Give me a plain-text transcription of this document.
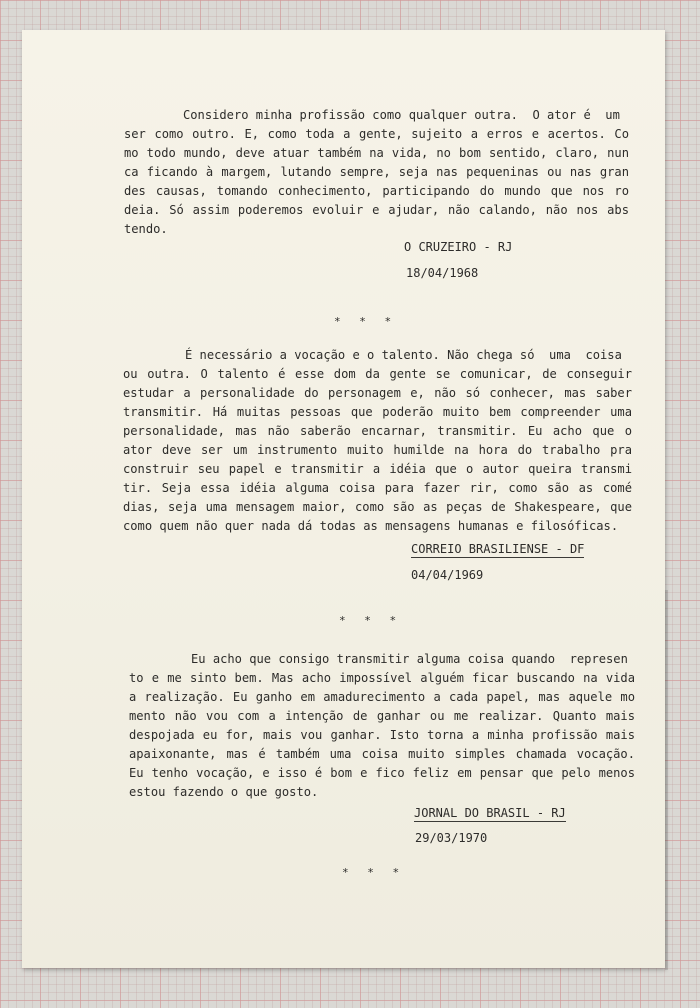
Considero minha profissão como qualquer outra.  O ator é  um
ser como outro. E, como toda a gente, sujeito a erros e acertos. Co
mo todo mundo, deve atuar também na vida, no bom sentido, claro, nun
ca ficando à margem, lutando sempre, seja nas pequeninas ou nas gran
des causas, tomando conhecimento, participando do mundo que nos ro
deia. Só assim poderemos evoluir e ajudar, não calando, não nos abs
tendo.
O CRUZEIRO - RJ
18/04/1968
* * *
É necessário a vocação e o talento. Não chega só  uma  coisa
ou outra. O talento é esse dom da gente se comunicar, de conseguir
estudar a personalidade do personagem e, não só conhecer, mas saber
transmitir. Há muitas pessoas que poderão muito bem compreender uma
personalidade, mas não saberão encarnar, transmitir. Eu acho que o
ator deve ser um instrumento muito humilde na hora do trabalho pra
construir seu papel e transmitir a idéia que o autor queira transmi
tir. Seja essa idéia alguma coisa para fazer rir, como são as comé
dias, seja uma mensagem maior, como são as peças de Shakespeare, que
como quem não quer nada dá todas as mensagens humanas e filosóficas.
CORREIO BRASILIENSE - DF
04/04/1969
* * *
Eu acho que consigo transmitir alguma coisa quando  represen
to e me sinto bem. Mas acho impossível alguém ficar buscando na vida
a realização. Eu ganho em amadurecimento a cada papel, mas aquele mo
mento não vou com a intenção de ganhar ou me realizar. Quanto mais
despojada eu for, mais vou ganhar. Isto torna a minha profissão mais
apaixonante, mas é também uma coisa muito simples chamada vocação.
Eu tenho vocação, e isso é bom e fico feliz em pensar que pelo menos
estou fazendo o que gosto.
JORNAL DO BRASIL - RJ
29/03/1970
* * *
